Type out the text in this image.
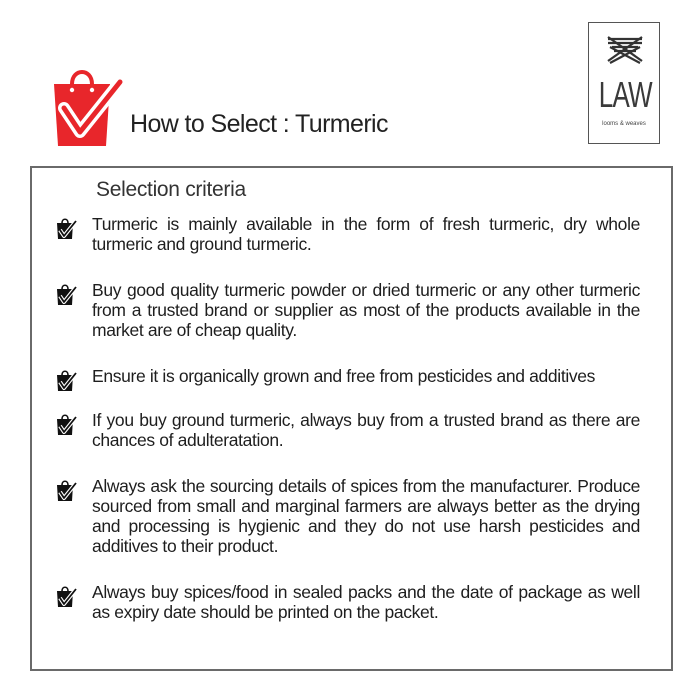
How to Select : Turmeric
LAW
looms & weaves
Selection criteria
Turmeric is mainly available in the form of fresh turmeric, dry whole turmeric and ground turmeric.
Buy good quality turmeric powder or dried turmeric or any other turmeric from a trusted brand or supplier as most of the products available in the market are of cheap quality.
Ensure it is organically grown and free from pesticides and additives
If you buy ground turmeric, always buy from a trusted brand as there are chances of adulteratation.
Always ask the sourcing details of spices from the manufacturer. Produce sourced from small and marginal farmers are always better as the drying and processing is hygienic and they do not use harsh pesticides and additives to their product.
Always buy spices/food in sealed packs and the date of package as well as expiry date should be printed on the packet.
